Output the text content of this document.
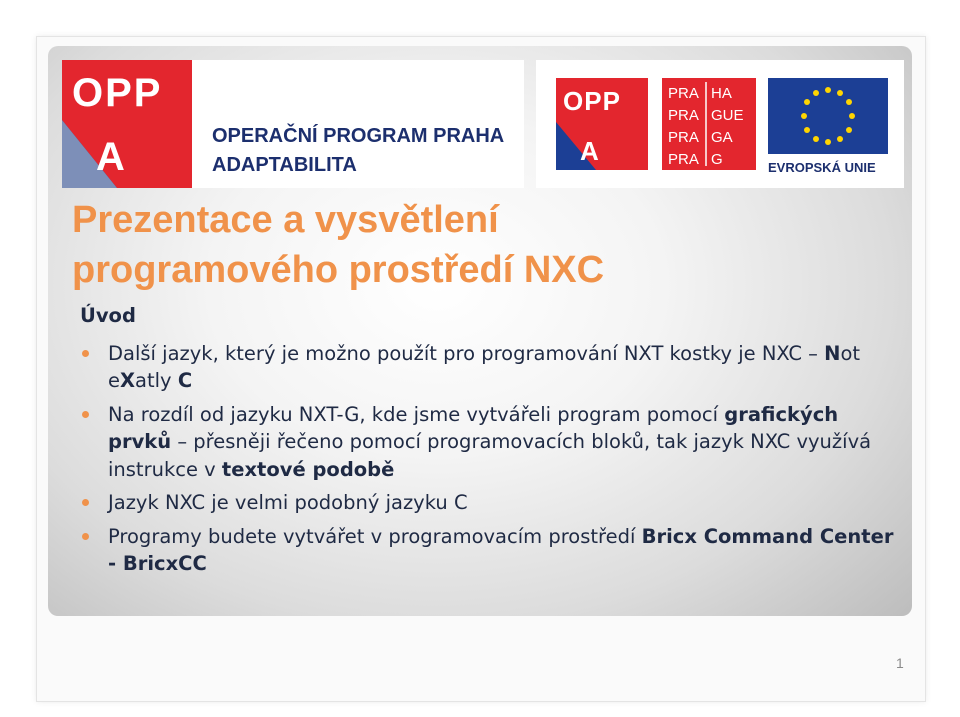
OPP
A	OPERAČNÍ PROGRAM PRAHA
ADAPTABILITA
OPP
A
PRA HA
PRA GUE
PRA GA
PRA G	EVROPSKÁ UNIE
Prezentace a vysvětlení
programového prostředí NXC
Úvod
Další jazyk, který je možno použít pro programování NXT kostky je NXC – Not eXatly C
Na rozdíl od jazyku NXT-G, kde jsme vytvářeli program pomocí grafických prvků – přesněji řečeno pomocí programovacích bloků, tak jazyk NXC využívá instrukce v textové podobě
Jazyk NXC je velmi podobný jazyku C
Programy budete vytvářet v programovacím prostředí Bricx Command Center - BricxCC
1
